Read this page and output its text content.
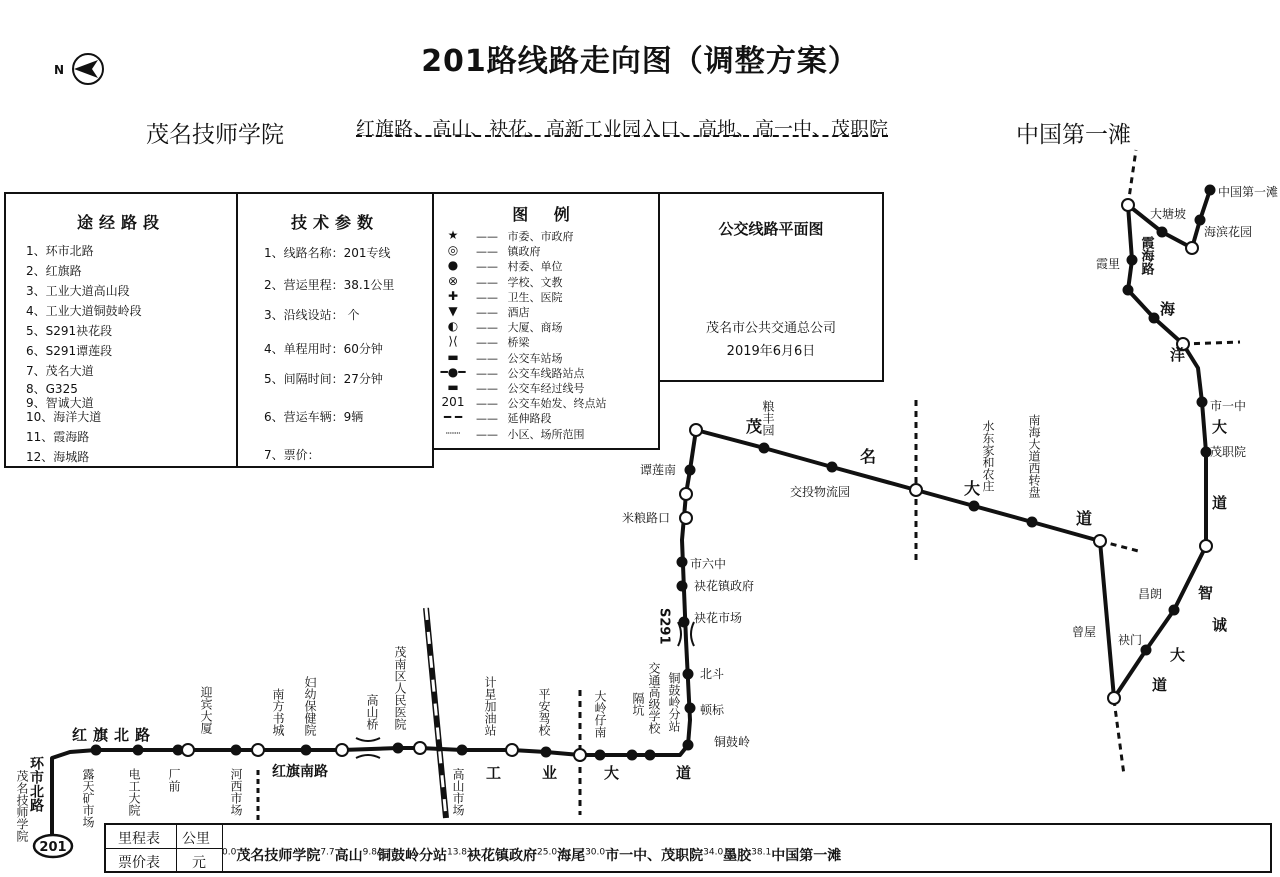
201路线路走向图（调整方案）
茂名技师学院	红旗路、高山、袂花、高新工业园入口、高地、高一中、茂职院	中国第一滩
N
途经路段
1、环市北路
2、红旗路
3、工业大道高山段
4、工业大道铜鼓岭段
5、S291袂花段
6、S291谭莲段
7、茂名大道
8、G325
9、智诚大道
10、海洋大道
11、霞海路
12、海城路
技术参数
1、线路名称：201专线
2、营运里程：38.1公里
3、沿线设站： 个
4、单程用时：60分钟
5、间隔时间：27分钟
6、营运车辆：9辆
7、票价：
图 例
★	—— 市委、市政府
◎	—— 镇政府
●	—— 村委、单位
⊗	—— 学校、文教
✚	—— 卫生、医院
▼	—— 酒店
◐	—— 大厦、商场
⟩⟨	—— 桥梁
▬	—— 公交车站场
━●━ —— 公交车线路站点
▬	—— 公交车经过线号
201	—— 公交车始发、终点站
━ ━	—— 延伸路段
┈┈	—— 小区、场所范围
公交线路平面图
茂名市公共交通总公司
2019年6月6日
茂名技师学院	露天矿市场	电工大院 厂前
迎宾大厦
河西市场
南方书城 妇幼保健院	高山桥 茂南区人民医院
高山市场
计星加油站	平安驾校	大岭仔南	交通高级学校
隔坑 铜鼓岭分站
铜鼓岭
顿标
北斗
袂花市场
袂花镇政府
市六中
米粮路口
谭莲南
粮丰园
交投物流园	水东家和农庄	南海大道西转盘
曾屋
袂门
昌朗
茂职院
市一中
霞里
大塘坡
海滨花园
中国第一滩
红旗北路
红旗南路
环市北路	工	业	大	道
S291
茂
名
大
道
智
诚
大
道
大
道
洋
海
霞海路
201
里程表 公里
票价表 元
$^{0.0}$茂名技师学院$^{7.7}$高山$^{9.8}$铜鼓岭分站$^{13.8}$袂花镇政府$^{25.0}$海尾$^{30.0}$市一中、茂职院$^{34.0}$墨胶$^{38.1}$中国第一滩
